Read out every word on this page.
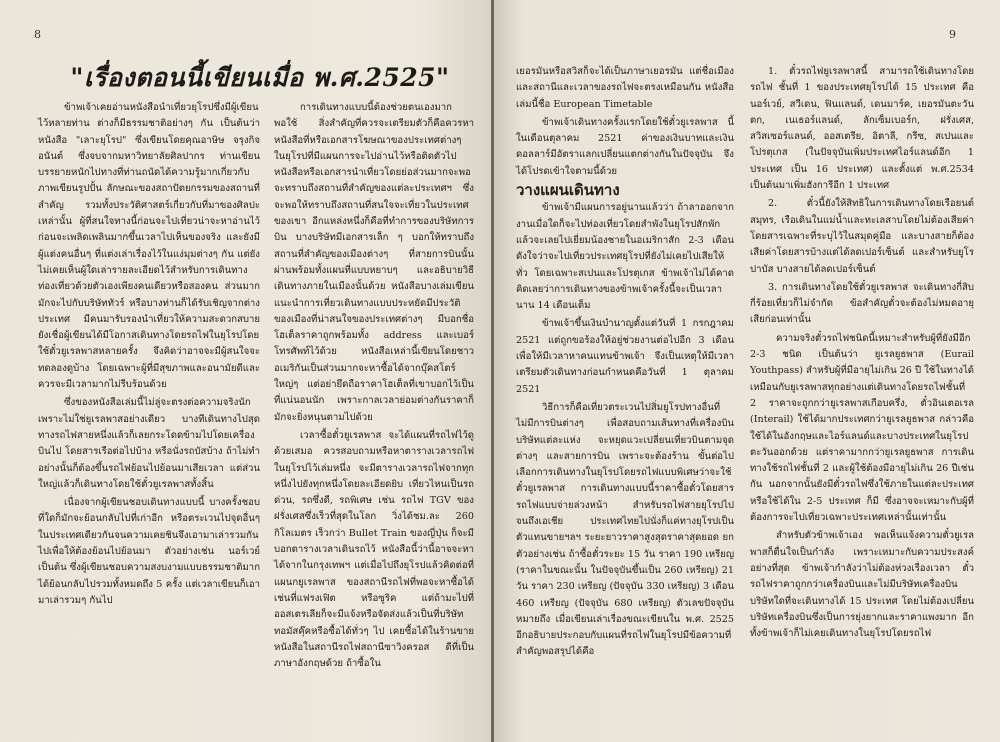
8
"เรื่องตอนนี้เขียนเมื่อ พ.ศ.2525"

ข้าพเจ้าเคยอ่านหนังสือนำเที่ยวยุโรปซึ่งมีผู้เขียนไว้หลายท่าน ต่างก็มีธรรมชาติอย่างๆ กัน เป็นต้นว่าหนังสือ "เลาะยุโรป" ซึ่งเขียนโดยคุณอาษิษ จรุงกิจอนันต์ ซึ่งจบจากมหาวิทยาลัยศิลปากร ท่านเขียนบรรยายหนักไปทางที่ท่านถนัดได้ความรู้มากเกี่ยวกับภาพเขียนรูปปั้น ลักษณะของสถาปัตยกรรมของสถานที่สำคัญ รวมทั้งประวัติศาสตร์เกี่ยวกับที่มาของศิลปะเหล่านั้น ผู้ที่สนใจทางนี้ก่อนจะไปเที่ยวน่าจะหาอ่านไว้ก่อนจะเพลิดเพลินมากขึ้นเวลาไปเห็นของจริง และยังมีผู้แต่งคนอื่นๆ ที่แต่งเล่าเรื่องไว้ในแง่มุมต่างๆ กัน แต่ยังไม่เคยเห็นผู้ใดเล่ารายละเอียดไว้สำหรับการเดินทางท่องเที่ยวด้วยตัวเองเพียงคนเดียวหรือสองคน ส่วนมากมักจะไปกับบริษัททัวร์ หรือบางท่านก็ได้รับเชิญจากต่างประเทศ มีคนมารับรองนำเที่ยวให้ความสะดวกสบาย ยังเชื่อผู้เขียนได้มีโอกาสเดินทางโดยรถไฟในยุโรปโดยใช้ตั๋วยูเรลพาสหลายครั้ง จึงคิดว่าอาจจะมีผู้สนใจจะทดลองดูบ้าง โดยเฉพาะผู้ที่มีสุขภาพและอนามัยดีและควรจะมีเวลามากไม่รีบร้อนด้วย

ซึ่งของหนังสือเล่มนี้ไม่ลู่จะตรงต่อความจริงนักเพราะไม่ใช่ยูเรลพาสอย่างเดียว บางทีเดินทางไปสุดทางรถไฟสายหนึ่งแล้วก็เลยกระโดดข้ามไปโดยเครื่องบินไป โดยสารเรือต่อไปบ้าง หรือนั่งรถบัสบ้าง ถ้าไม่ทำอย่างนั้นก็ต้องขึ้นรถไฟย้อนไปย้อนมาเสียเวลา แต่ส่วนใหญ่แล้วก็เดินทางโดยใช้ตั๋วยูเรลพาสทั้งสิ้น

เนื่องจากผู้เขียนชอบเดินทางแบบนี้ บางครั้งชอบที่ใดก็มักจะย้อนกลับไปที่เก่าอีก หรือตระเวนไปจุดอื่นๆ ในประเทศเดียวกันจนความเคยชินจึงเอามาเล่ารวมกันไปเพื่อให้ต้องย้อนไปย้อนมา ตัวอย่างเช่น นอร์เวย์เป็นต้น ซึ่งผู้เขียนชอบความสงบงามแบบธรรมชาติมากได้ย้อนกลับไปรวมทั้งหมดถึง 5 ครั้ง แต่เวลาเขียนก็เอามาเล่ารวมๆ กันไป

การเดินทางแบบนี้ต้องช่วยตนเองมากพอใช้ สิ่งสำคัญที่ควรจะเตรียมตัวก็คือควรหาหนังสือที่หรือเอกสารโฆษณาของประเทศต่างๆ ในยุโรปที่มีแผนการจะไปอ่านไว้หรือติดตัวไปหนังสือหรือเอกสารนำเที่ยวโดยย่อส่วนมากจะพอจะทราบถึงสถานที่สำคัญของแต่ละประเทศฯ ซึ่งจะพอให้ทราบถึงสถานที่สนใจจะเที่ยวในประเทศของเขา อีกแหล่งหนึ่งก็คือที่ทำการของบริษัทการบิน บางบริษัทมีเอกสารเล็ก ๆ บอกให้ทราบถึงสถานที่สำคัญของเมืองต่างๆ ที่สายการบินนั้นผ่านพร้อมทั้งแผนที่แบบหยาบๆ และอธิบายวิธีเดินทางภายในเมืองนั้นด้วย หนังสือบางเล่มเขียนแนะนำการเที่ยวเดินทางแบบประหยัดมีประวัติของเมืองที่น่าสนใจของประเทศต่างๆ มีบอกชื่อโฮเต็ลราคาถูกพร้อมทั้ง address และเบอร์โทรศัพท์ไว้ด้วย หนังสือเหล่านี้เขียนโดยชาวอเมริกันเป็นส่วนมากจะหาซื้อได้จากบุ๊คสโตร์ใหญ่ๆ แต่อย่ายึดถือราคาโฮเต็ลที่เขาบอกไว้เป็นที่แน่นอนนัก เพราะกาลเวลาย่อมต่างกันราคาก็มักจะยิ่งหนุนตามไปด้วย

เวลาซื้อตั๋วยูเรลพาส จะได้แผนที่รถไฟไว้ดูด้วยเสมอ ควรสอบถามหรือหาตารางเวลารถไฟในยุโรปไว้เล่มหนึ่ง จะมีตารางเวลารถไฟจากทุกหนึ่งไปยังทุกหนึ่งโดยละเอียดยิบ เที่ยวไหนเป็นรถด่วน, รถซึ่งดี, รถพิเศษ เช่น รถไฟ TGV ของฝรั่งเศสซึ่งเร็วที่สุดในโลก วิ่งได้ชม.ละ 260 กิโลเมตร เร็วกว่า Bullet Train ของญี่ปุ่น ก็จะมีบอกตารางเวลาเดินรถไว้ หนังสือนี้ว่านี้อาจจะหาได้จากในกรุงเทพฯ แต่เมื่อไปถึงยุโรปแล้วคิดต่อที่แผนกยูเรลพาส ของสถานีรถไฟที่พอจะหาซื้อได้ เช่นที่แฟรงเฟิต หรือซูริค แต่ถ้ามะไปที่ออสเตรเลียก็จะมีแจ้งหรือจัดส่งแล้วเป็นที่บริษัททอมัสคุ๊คหรือซื้อได้ทั่วๆ ไป เคยซื้อได้ในร้านขายหนังสือในสถานีรถไฟสถานีซาวิงครอส ดีที่เป็นภาษาอังกฤษด้วย ถ้าซื้อใน

9

เยอรมันหรือสวิสก็จะได้เป็นภาษาเยอรมัน แต่ชื่อเมืองและสถานีและเวลาของรถไฟจะตรงเหมือนกัน หนังสือเล่มนี้ชื่อ European Timetable

ข้าพเจ้าเดินทางครั้งแรกโดยใช้ตั๋วยูเรลพาส นี้ในเดือนตุลาคม 2521 ค่าของเงินบาทและเงินดอลลาร์มีอัตราแลกเปลี่ยนแตกต่างกันในปัจจุบัน จึงได้โปรดเข้าใจตามนี้ด้วย

วางแผนเดินทาง

ข้าพเจ้ามีแผนการอยู่นานแล้วว่า ถ้าลาออกจากงานเมื่อใดก็จะไปท่องเที่ยวโดยสำพังในยุโรปสักพักแล้วจะเลยไปเยี่ยมน้องชายในอเมริกาสัก 2-3 เดือน ดังใจว่าจะไปเที่ยวประเทศยุโรปที่ยังไม่เคยไปเสียให้ทั่ว โดยเฉพาะสเปนและโปรตุเกส ข้าพเจ้าไม่ได้คาดคิดเลยว่าการเดินทางของข้าพเจ้าครั้งนี้จะเป็นเวลานาน 14 เดือนเต็ม

ข้าพเจ้าขึ้นเงินบำนาญตั้งแต่วันที่ 1 กรกฎาคม 2521 แต่ถูกขอร้องให้อยู่ช่วยงานต่อไปอีก 3 เดือน เพื่อให้มีเวลาหาคนแทนข้าพเจ้า จึงเป็นเหตุให้มีเวลาเตรียมตัวเดินทางก่อนกำหนดคือวันที่ 1 ตุลาคม 2521

วิธีการก็คือเที่ยวตระเวนไปสิ่มยูโรปทางอื่นที่ไม่มีการบินต่างๆ เพื่อสอบถามเส้นทางที่เครื่องบิน บริษัทแต่ละแห่ง จะหยุดแวะเปลี่ยนเที่ยวบินตามจุดต่างๆ และสายการบิน เพราะจะต้องร้าน ขั้นต่อไปเลือกการเดินทางในยุโรปโดยรถไฟแบบพิเศษว่าจะใช้ตั๋วยูเรลพาส การเดินทางแบบนี้ราคาซื้อตั๋วโดยสารรถไฟแบบจ่ายล่วงหน้า สำหรับรถไฟสายยุโรปไปจนถึงเอเชีย ประเทศไทยไปนั่งก็แค่ทางยุโรปเป็นตัวแทนขายฯลฯ ระยะยาวราคาสูงสุดราคาสุดยอด ยกตัวอย่างเช่น ถ้าซื้อตั๋วระยะ 15 วัน ราคา 190 เหรียญ (ราคาในขณะนั้น ในปัจจุบันขึ้นเป็น 260 เหรียญ) 21 วัน ราคา 230 เหรียญ (ปัจจุบัน 330 เหรียญ) 3 เดือน 460 เหรียญ (ปัจจุบัน 680 เหรียญ) ตัวเลขปัจจุบันหมายถึง เมื่อเขียนเล่าเรื่องขณะเขียนใน พ.ศ. 2525 อีกอธิบายประกอบกับแผนที่รถไฟในยุโรปมีข้อความที่สำคัญพอสรุปได้คือ

1. ตั๋วรถไฟยูเรลพาสนี้ สามารถใช้เดินทางโดยรถไฟ ชั้นที่ 1 ของประเทศยุโรปได้ 15 ประเทศ คือ นอร์เวย์, สวีเดน, ฟินแลนด์, เดนมาร์ค, เยอรมันตะวันตก, เนเธอร์แลนด์, ลักเซ็มเบอร์ก, ฝรั่งเศส, สวิสเซอร์แลนด์, ออสเตรีย, อิตาลี, กรีซ, สเปนและโปรตุเกส (ในปัจจุบันเพิ่มประเทศไอร์แลนด์อีก 1 ประเทศ เป็น 16 ประเทศ) และตั้งแต่ พ.ศ.2534 เป็นต้นมาเพิ่มฮังการีอีก 1 ประเทศ

2. ตั๋วนี้ยังให้สิทธิในการเดินทางโดยเรือยนต์สมุทร, เรือเดินในแม่น้ำและทะเลสาบโดยไม่ต้องเสียค่าโดยสารเฉพาะที่ระบุไว้ในสมุดคู่มือ และบางสายก็ต้องเสียค่าโดยสารบ้างแต่ได้ลดเปอร์เซ็นต์ และสำหรับยูโรปาบัส บางสายได้ลดเปอร์เซ็นต์

3. การเดินทางโดยใช้ตั๋วยูเรลพาส จะเดินทางกี่สิบกี่ร้อยเที่ยวก็ไม่จำกัด ข้อสำคัญตั๋วจะต้องไม่หมดอายุเสียก่อนเท่านั้น

ความจริงตั๋วรถไฟชนิดนี้เหมาะสำหรับผู้ที่ยังมีอีก 2-3 ชนิด เป็นต้นว่า ยูเรลยูธพาส (Eurail Youthpass) สำหรับผู้ที่มีอายุไม่เกิน 26 ปี ใช้ในทางได้เหมือนกับยูเรลพาสทุกอย่างแต่เดินทางโดยรถไฟชั้นที่ 2 ราคาจะถูกกว่ายูเรลพาสเกือบครึ่ง, ตั๋วอินเตอเรล (Interail) ใช้ได้มากประเทศกว่ายูเรลยูธพาส กล่าวคือใช้ได้ในอังกฤษและไอร์แลนด์และบางประเทศในยุโรปตะวันออกด้วย แต่ราคามากกว่ายูเรลยูธพาส การเดินทางใช้รถไฟชั้นที่ 2 และผู้ใช้ต้องมีอายุไม่เกิน 26 ปีเช่นกัน นอกจากนั้นยังมีตั๋วรถไฟซึ่งใช้ภายในแต่ละประเทศหรือใช้ได้ใน 2-5 ประเทศ ก็มี ซึ่งอาจจะเหมาะกับผู้ที่ต้องการจะไปเที่ยวเฉพาะประเทศเหล่านั้นเท่านั้น

สำหรับตัวข้าพเจ้าเอง พอเห็นแจ้งความตั๋วยูเรลพาสก็ตื่นใจเป็นกำลัง เพราะเหมาะกับความประสงค์อย่างที่สุด ข้าพเจ้ากำลังว่าไม่ต้องห่วงเรื่องเวลา ตั๋วรถไฟราคาถูกกว่าเครื่องบินและไม่มีบริษัทเครื่องบินบริษัทใดที่จะเดินทางได้ 15 ประเทศ โดยไม่ต้องเปลี่ยนบริษัทเครื่องบินซึ่งเป็นการยุ่งยากและราคาแพงมาก อีกทั้งข้าพเจ้าก็ไม่เคยเดินทางในยุโรปโดยรถไฟ
